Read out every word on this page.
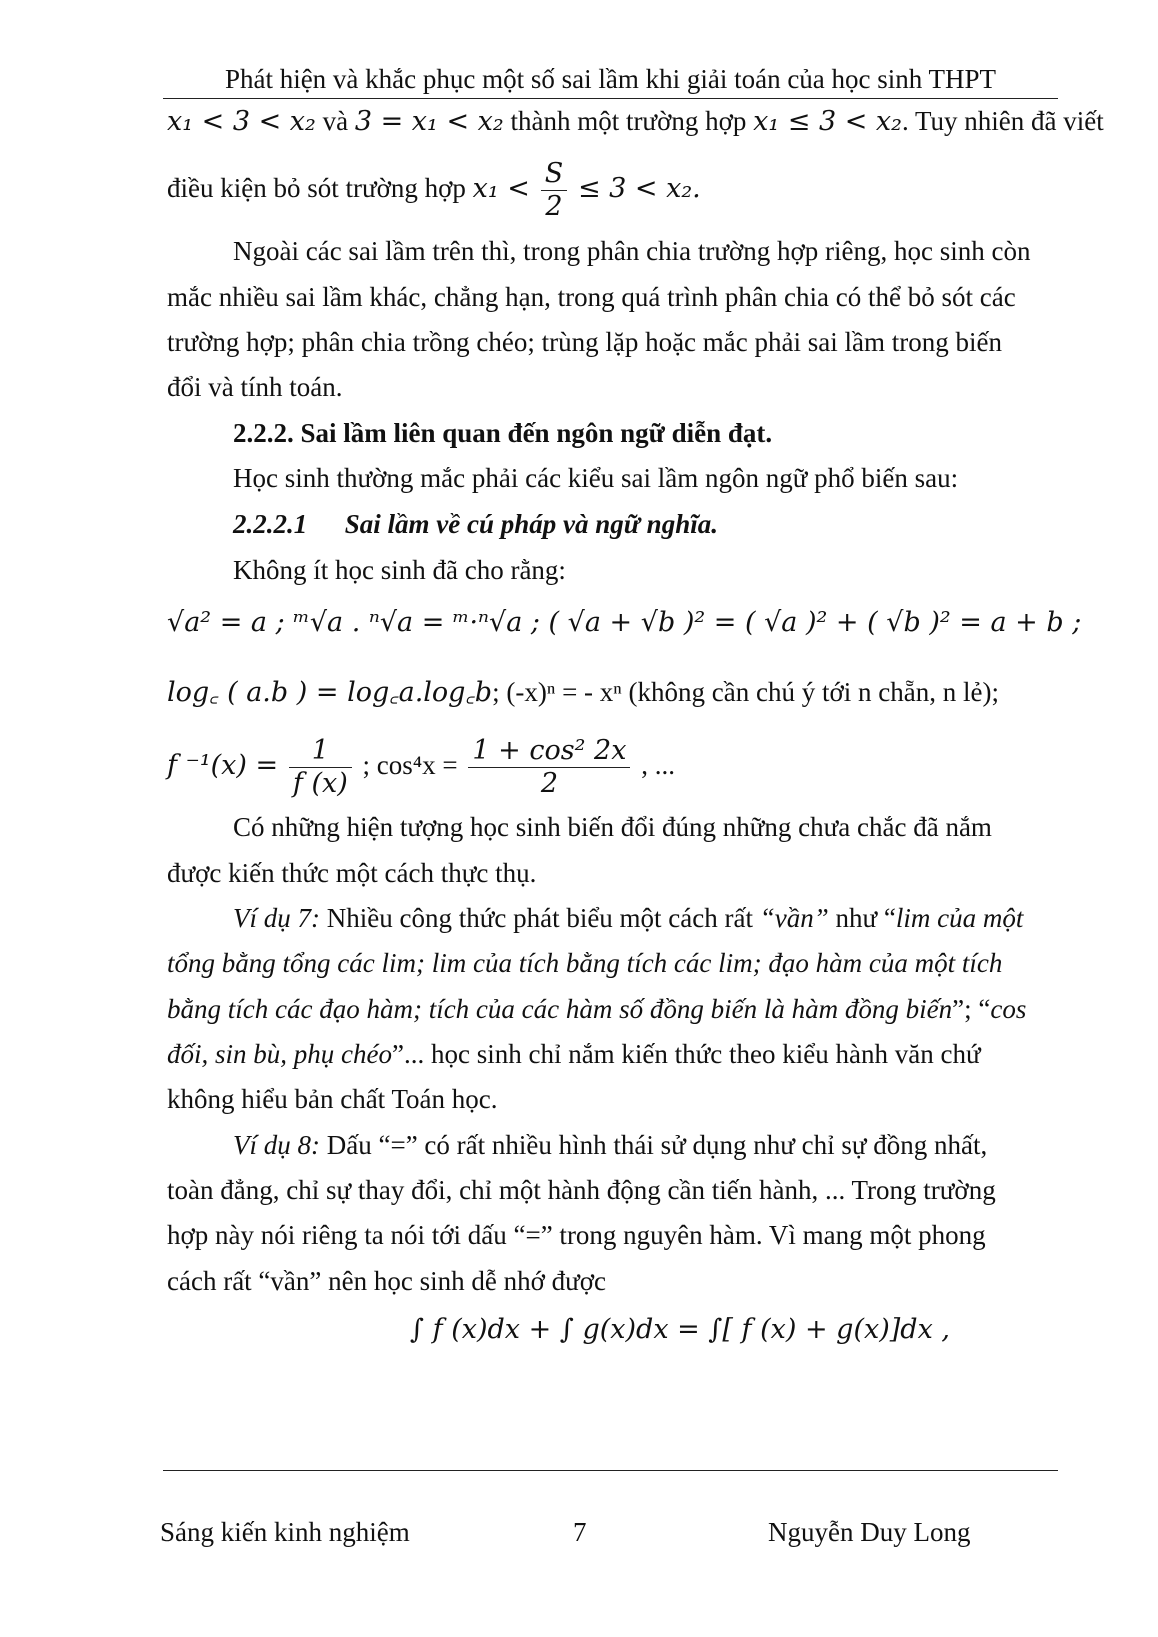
Phát hiện và khắc phục một số sai lầm khi giải toán của học sinh THPT
x₁ < 3 < x₂ và 3 = x₁ < x₂ thành một trường hợp x₁ ≤ 3 < x₂. Tuy nhiên đã viết
điều kiện bỏ sót trường hợp $x_1 < \frac{S}{2} \le 3 < x_2$.
Ngoài các sai lầm trên thì, trong phân chia trường hợp riêng, học sinh còn
mắc nhiều sai lầm khác, chẳng hạn, trong quá trình phân chia có thể bỏ sót các
trường hợp; phân chia trồng chéo; trùng lặp hoặc mắc phải sai lầm trong biến
đổi và tính toán.
2.2.2. Sai lầm liên quan đến ngôn ngữ diễn đạt.
Học sinh thường mắc phải các kiểu sai lầm ngôn ngữ phổ biến sau:
2.2.2.1 Sai lầm về cú pháp và ngữ nghĩa.
Không ít học sinh đã cho rằng:
√a² = a ; ᵐ√a . ⁿ√a = ᵐ·ⁿ√a ; ( √a + √b )² = ( √a )² + ( √b )² = a + b ;
log꜀ ( a.b ) = log꜀a.log꜀b; (-x)ⁿ = - xⁿ (không cần chú ý tới n chẵn, n lẻ);
f $^{-1}(x) = \frac{1}{f (x)}$ ; $\cos^4x = \frac{\text{1 + cos² 2x}}{2}$ , ...
Có những hiện tượng học sinh biến đổi đúng những chưa chắc đã nắm
được kiến thức một cách thực thụ.
Ví dụ 7: Nhiều công thức phát biểu một cách rất “vần” như “lim của một
tổng bằng tổng các lim; lim của tích bằng tích các lim; đạo hàm của một tích
bằng tích các đạo hàm; tích của các hàm số đồng biến là hàm đồng biến”; “cos
đối, sin bù, phụ chéo”... học sinh chỉ nắm kiến thức theo kiểu hành văn chứ
không hiểu bản chất Toán học.
Ví dụ 8: Dấu “=” có rất nhiều hình thái sử dụng như chỉ sự đồng nhất,
toàn đẳng, chỉ sự thay đổi, chỉ một hành động cần tiến hành, ... Trong trường
hợp này nói riêng ta nói tới dấu “=” trong nguyên hàm. Vì mang một phong
cách rất “vần” nên học sinh dễ nhớ được
∫ f (x)dx + ∫ g(x)dx = ∫[ f (x) + g(x)]dx ,
Sáng kiến kinh nghiệm	7	Nguyễn Duy Long
